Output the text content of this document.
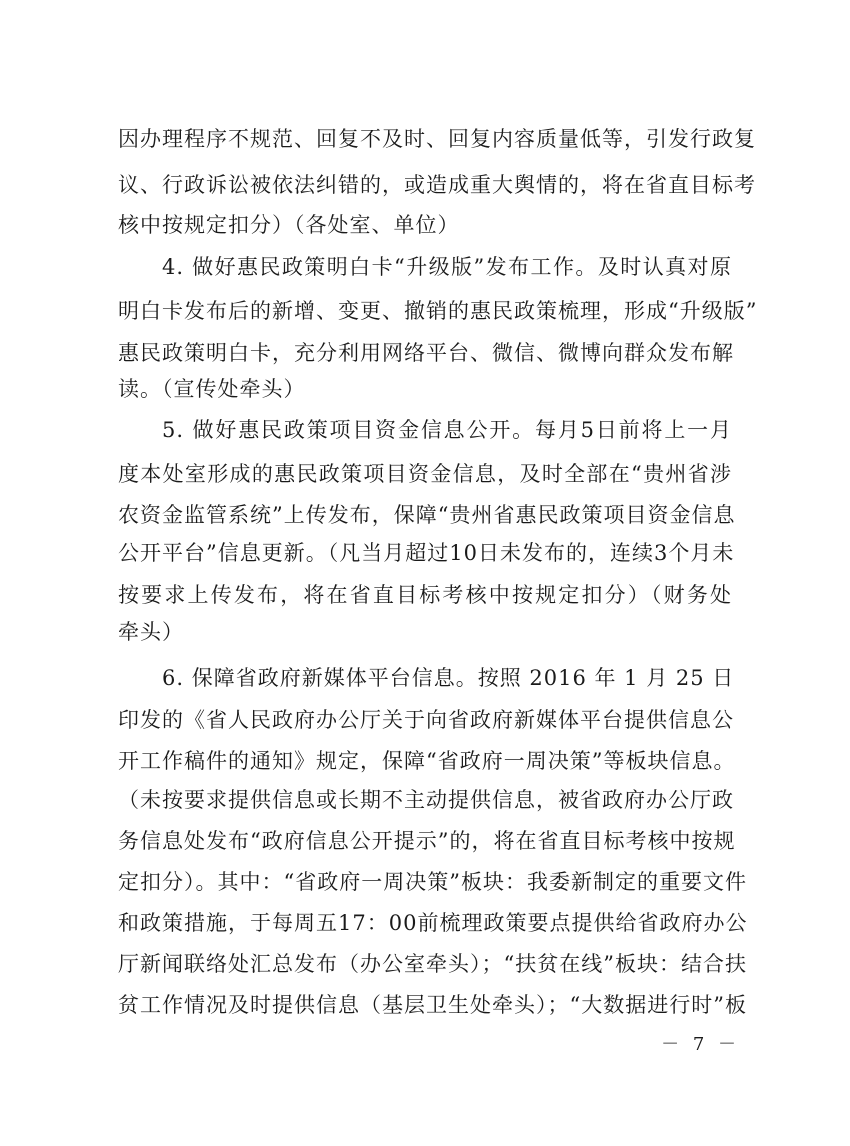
因办理程序不规范、回复不及时、回复内容质量低等，引发行政复
议、行政诉讼被依法纠错的，或造成重大舆情的，将在省直目标考
核中按规定扣分）（各处室、单位）
4. 做好惠民政策明白卡“升级版”发布工作。及时认真对原
明白卡发布后的新增、变更、撤销的惠民政策梳理，形成“升级版”
惠民政策明白卡，充分利用网络平台、微信、微博向群众发布解
读。（宣传处牵头）
5. 做好惠民政策项目资金信息公开。每月5日前将上一月
度本处室形成的惠民政策项目资金信息，及时全部在“贵州省涉
农资金监管系统”上传发布，保障“贵州省惠民政策项目资金信息
公开平台”信息更新。（凡当月超过10日未发布的，连续3个月未
按要求上传发布，将在省直目标考核中按规定扣分）（财务处
牵头）
6. 保障省政府新媒体平台信息。按照 2016 年 1 月 25 日
印发的《省人民政府办公厅关于向省政府新媒体平台提供信息公
开工作稿件的通知》规定，保障“省政府一周决策”等板块信息。
（未按要求提供信息或长期不主动提供信息，被省政府办公厅政
务信息处发布“政府信息公开提示”的，将在省直目标考核中按规
定扣分）。其中：“省政府一周决策”板块：我委新制定的重要文件
和政策措施，于每周五17：00前梳理政策要点提供给省政府办公
厅新闻联络处汇总发布（办公室牵头）；“扶贫在线”板块：结合扶
贫工作情况及时提供信息（基层卫生处牵头）；“大数据进行时”板
－ 7 －
